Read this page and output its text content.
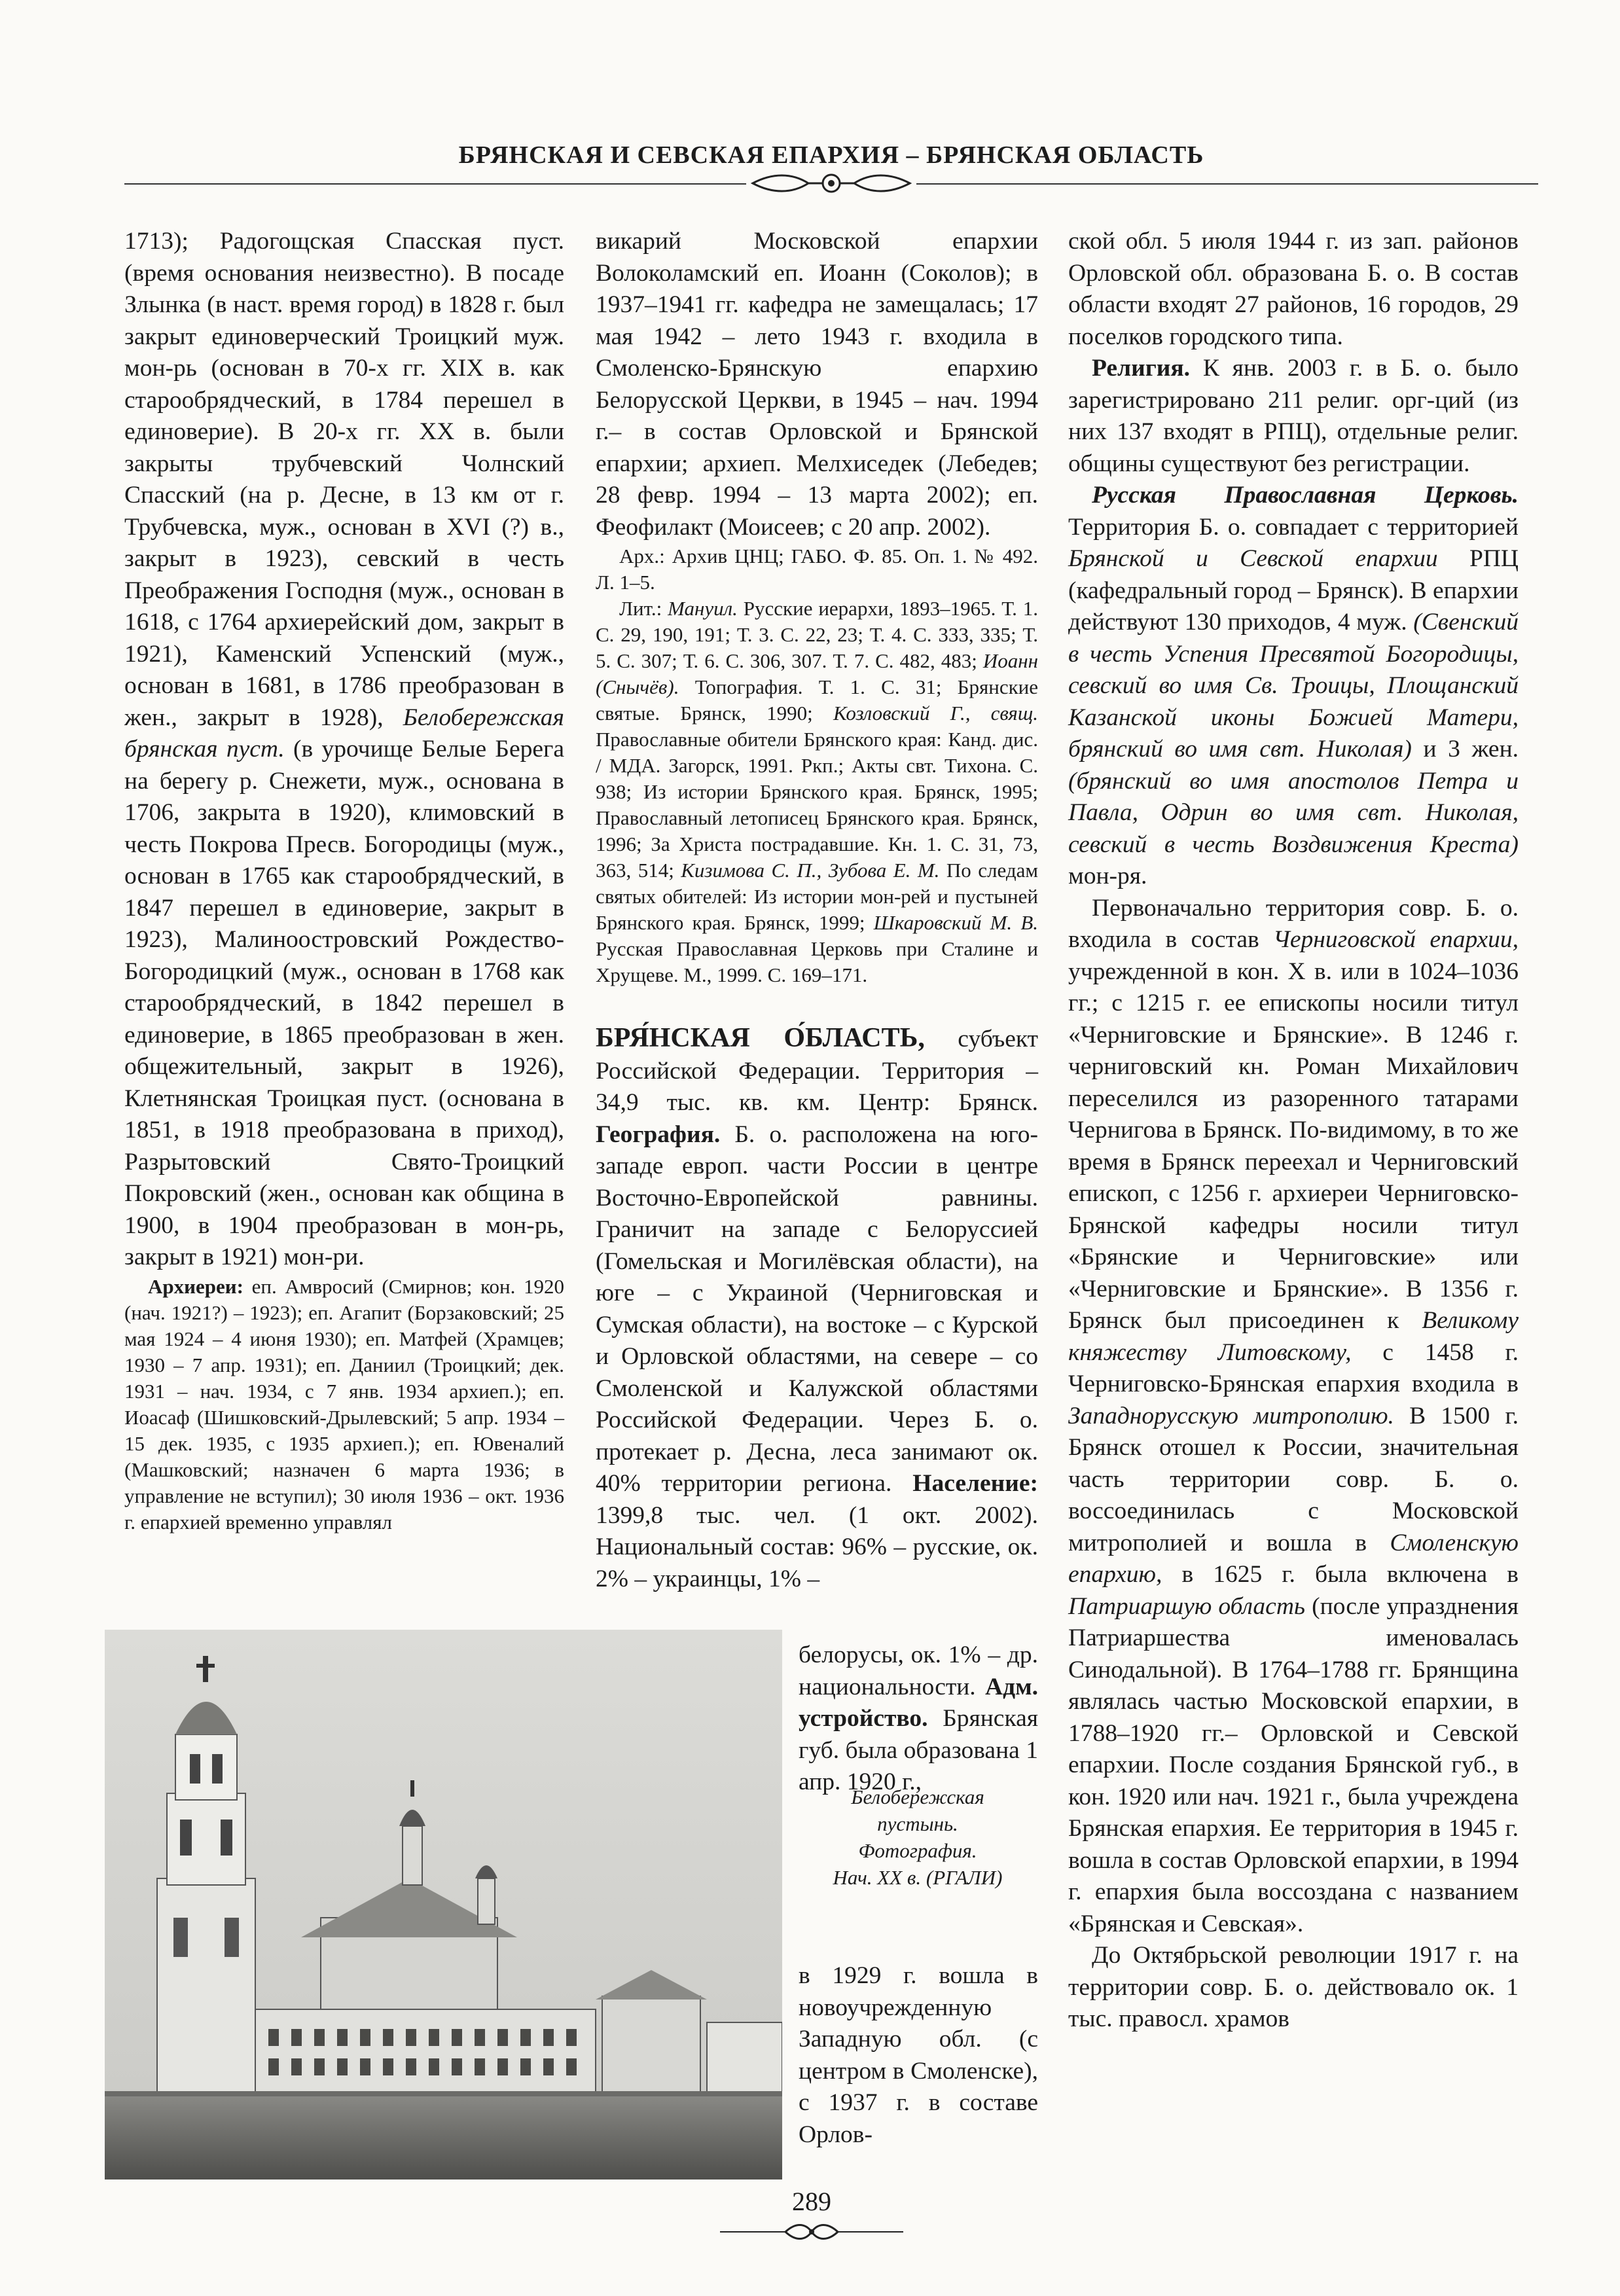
БРЯНСКАЯ И СЕВСКАЯ ЕПАРХИЯ – БРЯНСКАЯ ОБЛАСТЬ

1713); Радогощская Спасская пуст. (время основания неизвестно). В посаде Злынка (в наст. время город) в 1828 г. был закрыт единоверческий Троицкий муж. мон-рь (основан в 70-х гг. XIX в. как старообрядческий, в 1784 перешел в единоверие). В 20-х гг. XX в. были закрыты трубчевский Чолнский Спасский (на р. Десне, в 13 км от г. Трубчевска, муж., основан в XVI (?) в., закрыт в 1923), севский в честь Преображения Господня (муж., основан в 1618, с 1764 архиерейский дом, закрыт в 1921), Каменский Успенский (муж., основан в 1681, в 1786 преобразован в жен., закрыт в 1928), Белобережская брянская пуст. (в урочище Белые Берега на берегу р. Снежети, муж., основана в 1706, закрыта в 1920), климовский в честь Покрова Пресв. Богородицы (муж., основан в 1765 как старообрядческий, в 1847 перешел в единоверие, закрыт в 1923), Малиноостровский Рождество-Богородицкий (муж., основан в 1768 как старообрядческий, в 1842 перешел в единоверие, в 1865 преобразован в жен. общежительный, закрыт в 1926), Клетнянская Троицкая пуст. (основана в 1851, в 1918 преобразована в приход), Разрытовский Свято-Троицкий Покровский (жен., основан как община в 1900, в 1904 преобразован в мон-рь, закрыт в 1921) мон-ри.

Архиереи: еп. Амвросий (Смирнов; кон. 1920 (нач. 1921?) – 1923); еп. Агапит (Борзаковский; 25 мая 1924 – 4 июня 1930); еп. Матфей (Храмцев; 1930 – 7 апр. 1931); еп. Даниил (Троицкий; дек. 1931 – нач. 1934, с 7 янв. 1934 архиеп.); еп. Иоасаф (Шишковский-Дрылевский; 5 апр. 1934 – 15 дек. 1935, с 1935 архиеп.); еп. Ювеналий (Машковский; назначен 6 марта 1936; в управление не вступил); 30 июля 1936 – окт. 1936 г. епархией временно управлял

викарий Московской епархии Волоколамский еп. Иоанн (Соколов); в 1937–1941 гг. кафедра не замещалась; 17 мая 1942 – лето 1943 г. входила в Смоленско-Брянскую епархию Белорусской Церкви, в 1945 – нач. 1994 г.– в состав Орловской и Брянской епархии; архиеп. Мелхиседек (Лебедев; 28 февр. 1994 – 13 марта 2002); еп. Феофилакт (Моисеев; с 20 апр. 2002).

Арх.: Архив ЦНЦ; ГАБО. Ф. 85. Оп. 1. № 492. Л. 1–5.

Лит.: Мануил. Русские иерархи, 1893–1965. Т. 1. С. 29, 190, 191; Т. 3. С. 22, 23; Т. 4. С. 333, 335; Т. 5. С. 307; Т. 6. С. 306, 307. Т. 7. С. 482, 483; Иоанн (Снычёв). Топография. Т. 1. С. 31; Брянские святые. Брянск, 1990; Козловский Г., свящ. Православные обители Брянского края: Канд. дис. / МДА. Загорск, 1991. Ркп.; Акты свт. Тихона. С. 938; Из истории Брянского края. Брянск, 1995; Православный летописец Брянского края. Брянск, 1996; За Христа пострадавшие. Кн. 1. С. 31, 73, 363, 514; Кизимова С. П., Зубова Е. М. По следам святых обителей: Из истории мон-рей и пустыней Брянского края. Брянск, 1999; Шкаровский М. В. Русская Православная Церковь при Сталине и Хрущеве. М., 1999. С. 169–171.

БРЯ́НСКАЯ О́БЛАСТЬ, субъект Российской Федерации. Территория – 34,9 тыс. кв. км. Центр: Брянск. География. Б. о. расположена на юго-западе европ. части России в центре Восточно-Европейской равнины. Граничит на западе с Белоруссией (Гомельская и Могилёвская области), на юге – с Украиной (Черниговская и Сумская области), на востоке – с Курской и Орловской областями, на севере – со Смоленской и Калужской областями Российской Федерации. Через Б. о. протекает р. Десна, леса занимают ок. 40% территории региона. Население: 1399,8 тыс. чел. (1 окт. 2002). Национальный состав: 96% – русские, ок. 2% – украинцы, 1% –

белорусы, ок. 1% – др. национальности. Адм. устройство. Брянская губ. была образована 1 апр. 1920 г.,

Белобережская
пустынь.
Фотография.
Нач. XX в. (РГАЛИ)

в 1929 г. вошла в новоучрежденную Западную обл. (с центром в Смоленске), с 1937 г. в составе Орлов-

ской обл. 5 июля 1944 г. из зап. районов Орловской обл. образована Б. о. В состав области входят 27 районов, 16 городов, 29 поселков городского типа.

Религия. К янв. 2003 г. в Б. о. было зарегистрировано 211 религ. орг-ций (из них 137 входят в РПЦ), отдельные религ. общины существуют без регистрации.

Русская Православная Церковь. Территория Б. о. совпадает с территорией Брянской и Севской епархии РПЦ (кафедральный город – Брянск). В епархии действуют 130 приходов, 4 муж. (Свенский в честь Успения Пресвятой Богородицы, севский во имя Св. Троицы, Площанский Казанской иконы Божией Матери, брянский во имя свт. Николая) и 3 жен. (брянский во имя апостолов Петра и Павла, Одрин во имя свт. Николая, севский в честь Воздвижения Креста) мон-ря.

Первоначально территория совр. Б. о. входила в состав Черниговской епархии, учрежденной в кон. X в. или в 1024–1036 гг.; с 1215 г. ее епископы носили титул «Черниговские и Брянские». В 1246 г. черниговский кн. Роман Михайлович переселился из разоренного татарами Чернигова в Брянск. По-видимому, в то же время в Брянск переехал и Черниговский епископ, с 1256 г. архиереи Черниговско-Брянской кафедры носили титул «Брянские и Черниговские» или «Черниговские и Брянские». В 1356 г. Брянск был присоединен к Великому княжеству Литовскому, с 1458 г. Черниговско-Брянская епархия входила в Западнорусскую митрополию. В 1500 г. Брянск отошел к России, значительная часть территории совр. Б. о. воссоединилась с Московской митрополией и вошла в Смоленскую епархию, в 1625 г. была включена в Патриаршую область (после упразднения Патриаршества именовалась Синодальной). В 1764–1788 гг. Брянщина являлась частью Московской епархии, в 1788–1920 гг.– Орловской и Севской епархии. После создания Брянской губ., в кон. 1920 или нач. 1921 г., была учреждена Брянская епархия. Ее территория в 1945 г. вошла в состав Орловской епархии, в 1994 г. епархия была воссоздана с названием «Брянская и Севская».

До Октябрьской революции 1917 г. на территории совр. Б. о. действовало ок. 1 тыс. правосл. храмов

289
